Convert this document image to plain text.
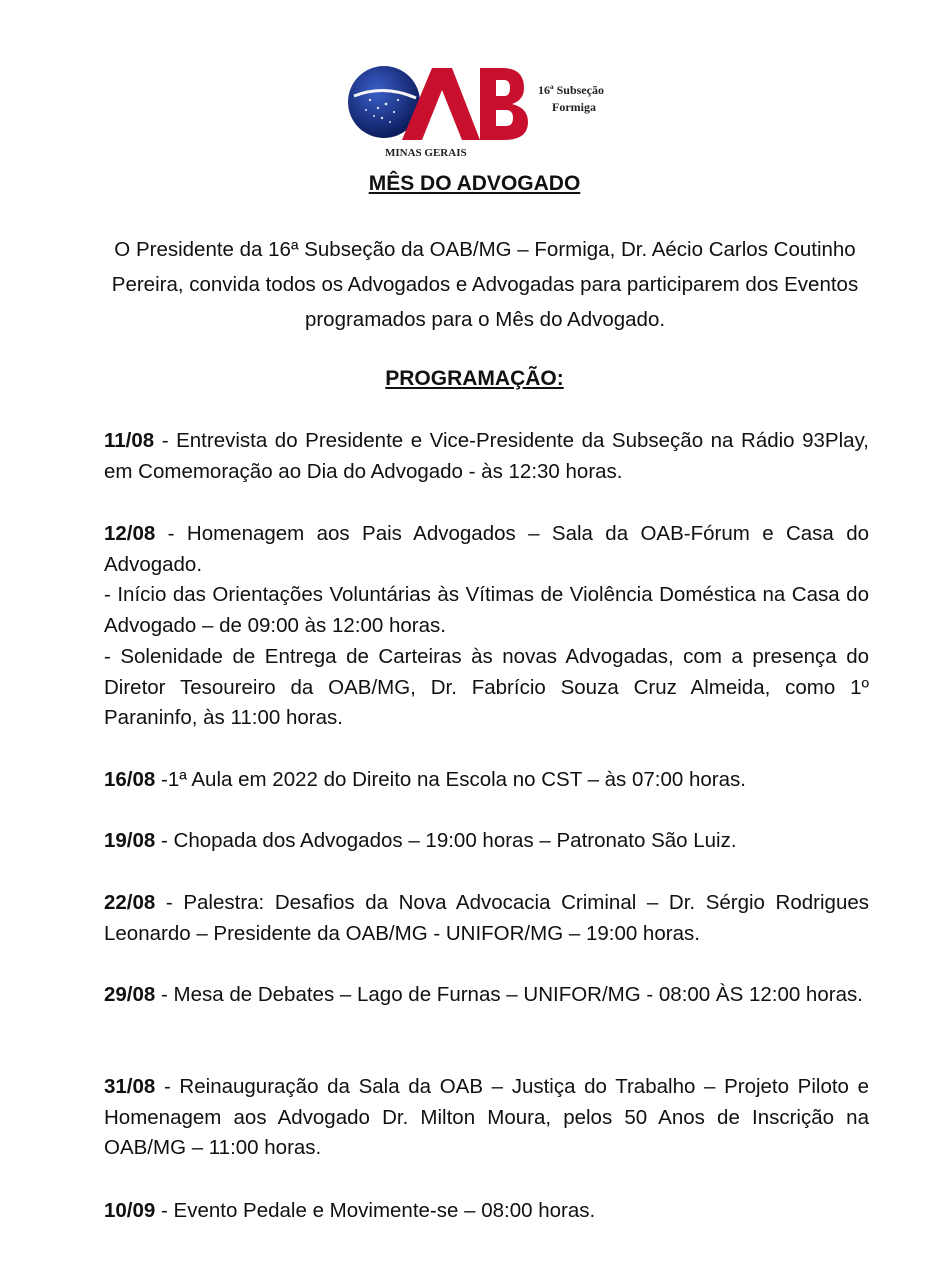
MINAS GERAIS
16ª Subseção
Formiga
MÊS DO ADVOGADO
O Presidente da 16ª Subseção da OAB/MG – Formiga, Dr. Aécio Carlos Coutinho Pereira, convida todos os Advogados e Advogadas para participarem dos Eventos programados para o Mês do Advogado.
PROGRAMAÇÃO:

11/08 - Entrevista do Presidente e Vice-Presidente da Subseção na Rádio 93Play, em Comemoração ao Dia do Advogado - às 12:30 horas.

12/08 - Homenagem aos Pais Advogados – Sala da OAB-Fórum e Casa do Advogado.

- Início das Orientações Voluntárias às Vítimas de Violência Doméstica na Casa do Advogado – de 09:00 às 12:00 horas.

- Solenidade de Entrega de Carteiras às novas Advogadas, com a presença do Diretor Tesoureiro da OAB/MG, Dr. Fabrício Souza Cruz Almeida, como 1º Paraninfo, às 11:00 horas.

16/08 -1ª Aula em 2022 do Direito na Escola no CST – às 07:00 horas.

19/08 - Chopada dos Advogados – 19:00 horas – Patronato São Luiz.

22/08 - Palestra: Desafios da Nova Advocacia Criminal – Dr. Sérgio Rodrigues Leonardo – Presidente da OAB/MG - UNIFOR/MG – 19:00 horas.

29/08 - Mesa de Debates – Lago de Furnas – UNIFOR/MG - 08:00 ÀS 12:00 horas.

31/08 - Reinauguração da Sala da OAB – Justiça do Trabalho – Projeto Piloto e Homenagem aos Advogado Dr. Milton Moura, pelos 50 Anos de Inscrição na OAB/MG – 11:00 horas.

10/09 - Evento Pedale e Movimente-se – 08:00 horas.
